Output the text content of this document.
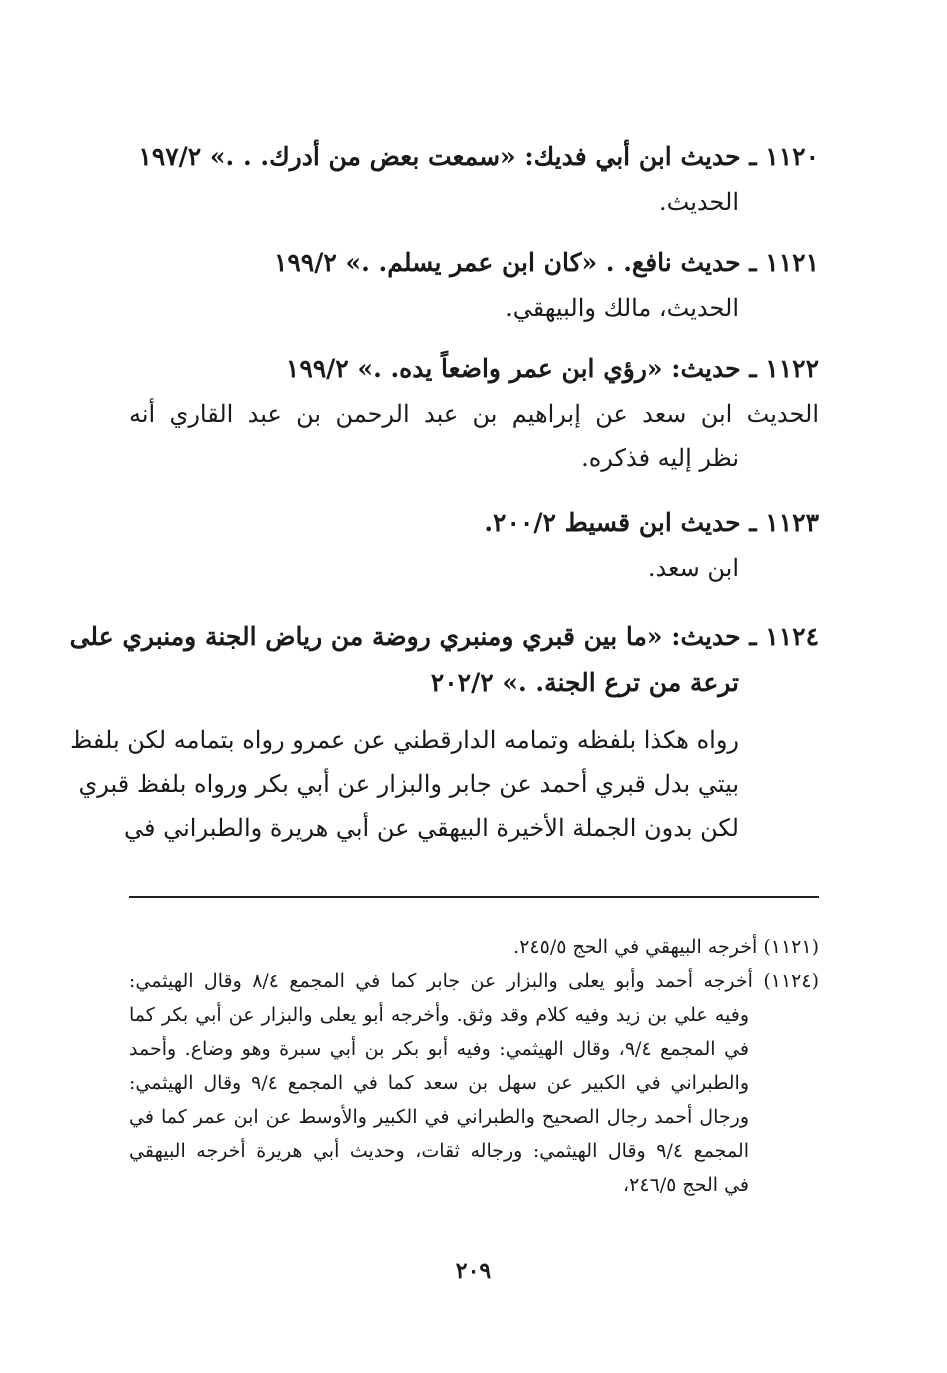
١١٢٠ ـ حديث ابن أبي فديك: «سمعت بعض من أدرك. . .» ١٩٧/٢
الحديث.
١١٢١ ـ حديث نافع. . «كان ابن عمر يسلم. .» ١٩٩/٢
الحديث، مالك والبيهقي.
١١٢٢ ـ حديث: «رؤي ابن عمر واضعاً يده. .» ١٩٩/٢
الحديث ابن سعد عن إبراهيم بن عبد الرحمن بن عبد القاري أنه
نظر إليه فذكره.
١١٢٣ ـ حديث ابن قسيط ٢٠٠/٢.
ابن سعد.
١١٢٤ ـ حديث: «ما بين قبري ومنبري روضة من رياض الجنة ومنبري على
ترعة من ترع الجنة. .» ٢٠٢/٢
رواه هكذا بلفظه وتمامه الدارقطني عن عمرو رواه بتمامه لكن بلفظ
بيتي بدل قبري أحمد عن جابر والبزار عن أبي بكر ورواه بلفظ قبري
لكن بدون الجملة الأخيرة البيهقي عن أبي هريرة والطبراني في
(١١٢١) أخرجه البيهقي في الحج ٢٤٥/٥.
(١١٢٤) أخرجه أحمد وأبو يعلى والبزار عن جابر كما في المجمع ٨/٤ وقال الهيثمي:
وفيه علي بن زيد وفيه كلام وقد وثق. وأخرجه أبو يعلى والبزار عن أبي بكر كما
في المجمع ٩/٤، وقال الهيثمي: وفيه أبو بكر بن أبي سبرة وهو وضاع. وأحمد
والطبراني في الكبير عن سهل بن سعد كما في المجمع ٩/٤ وقال الهيثمي:
ورجال أحمد رجال الصحيح والطبراني في الكبير والأوسط عن ابن عمر كما في
المجمع ٩/٤ وقال الهيثمي: ورجاله ثقات، وحديث أبي هريرة أخرجه البيهقي
في الحج ٢٤٦/٥،
٢٠٩
